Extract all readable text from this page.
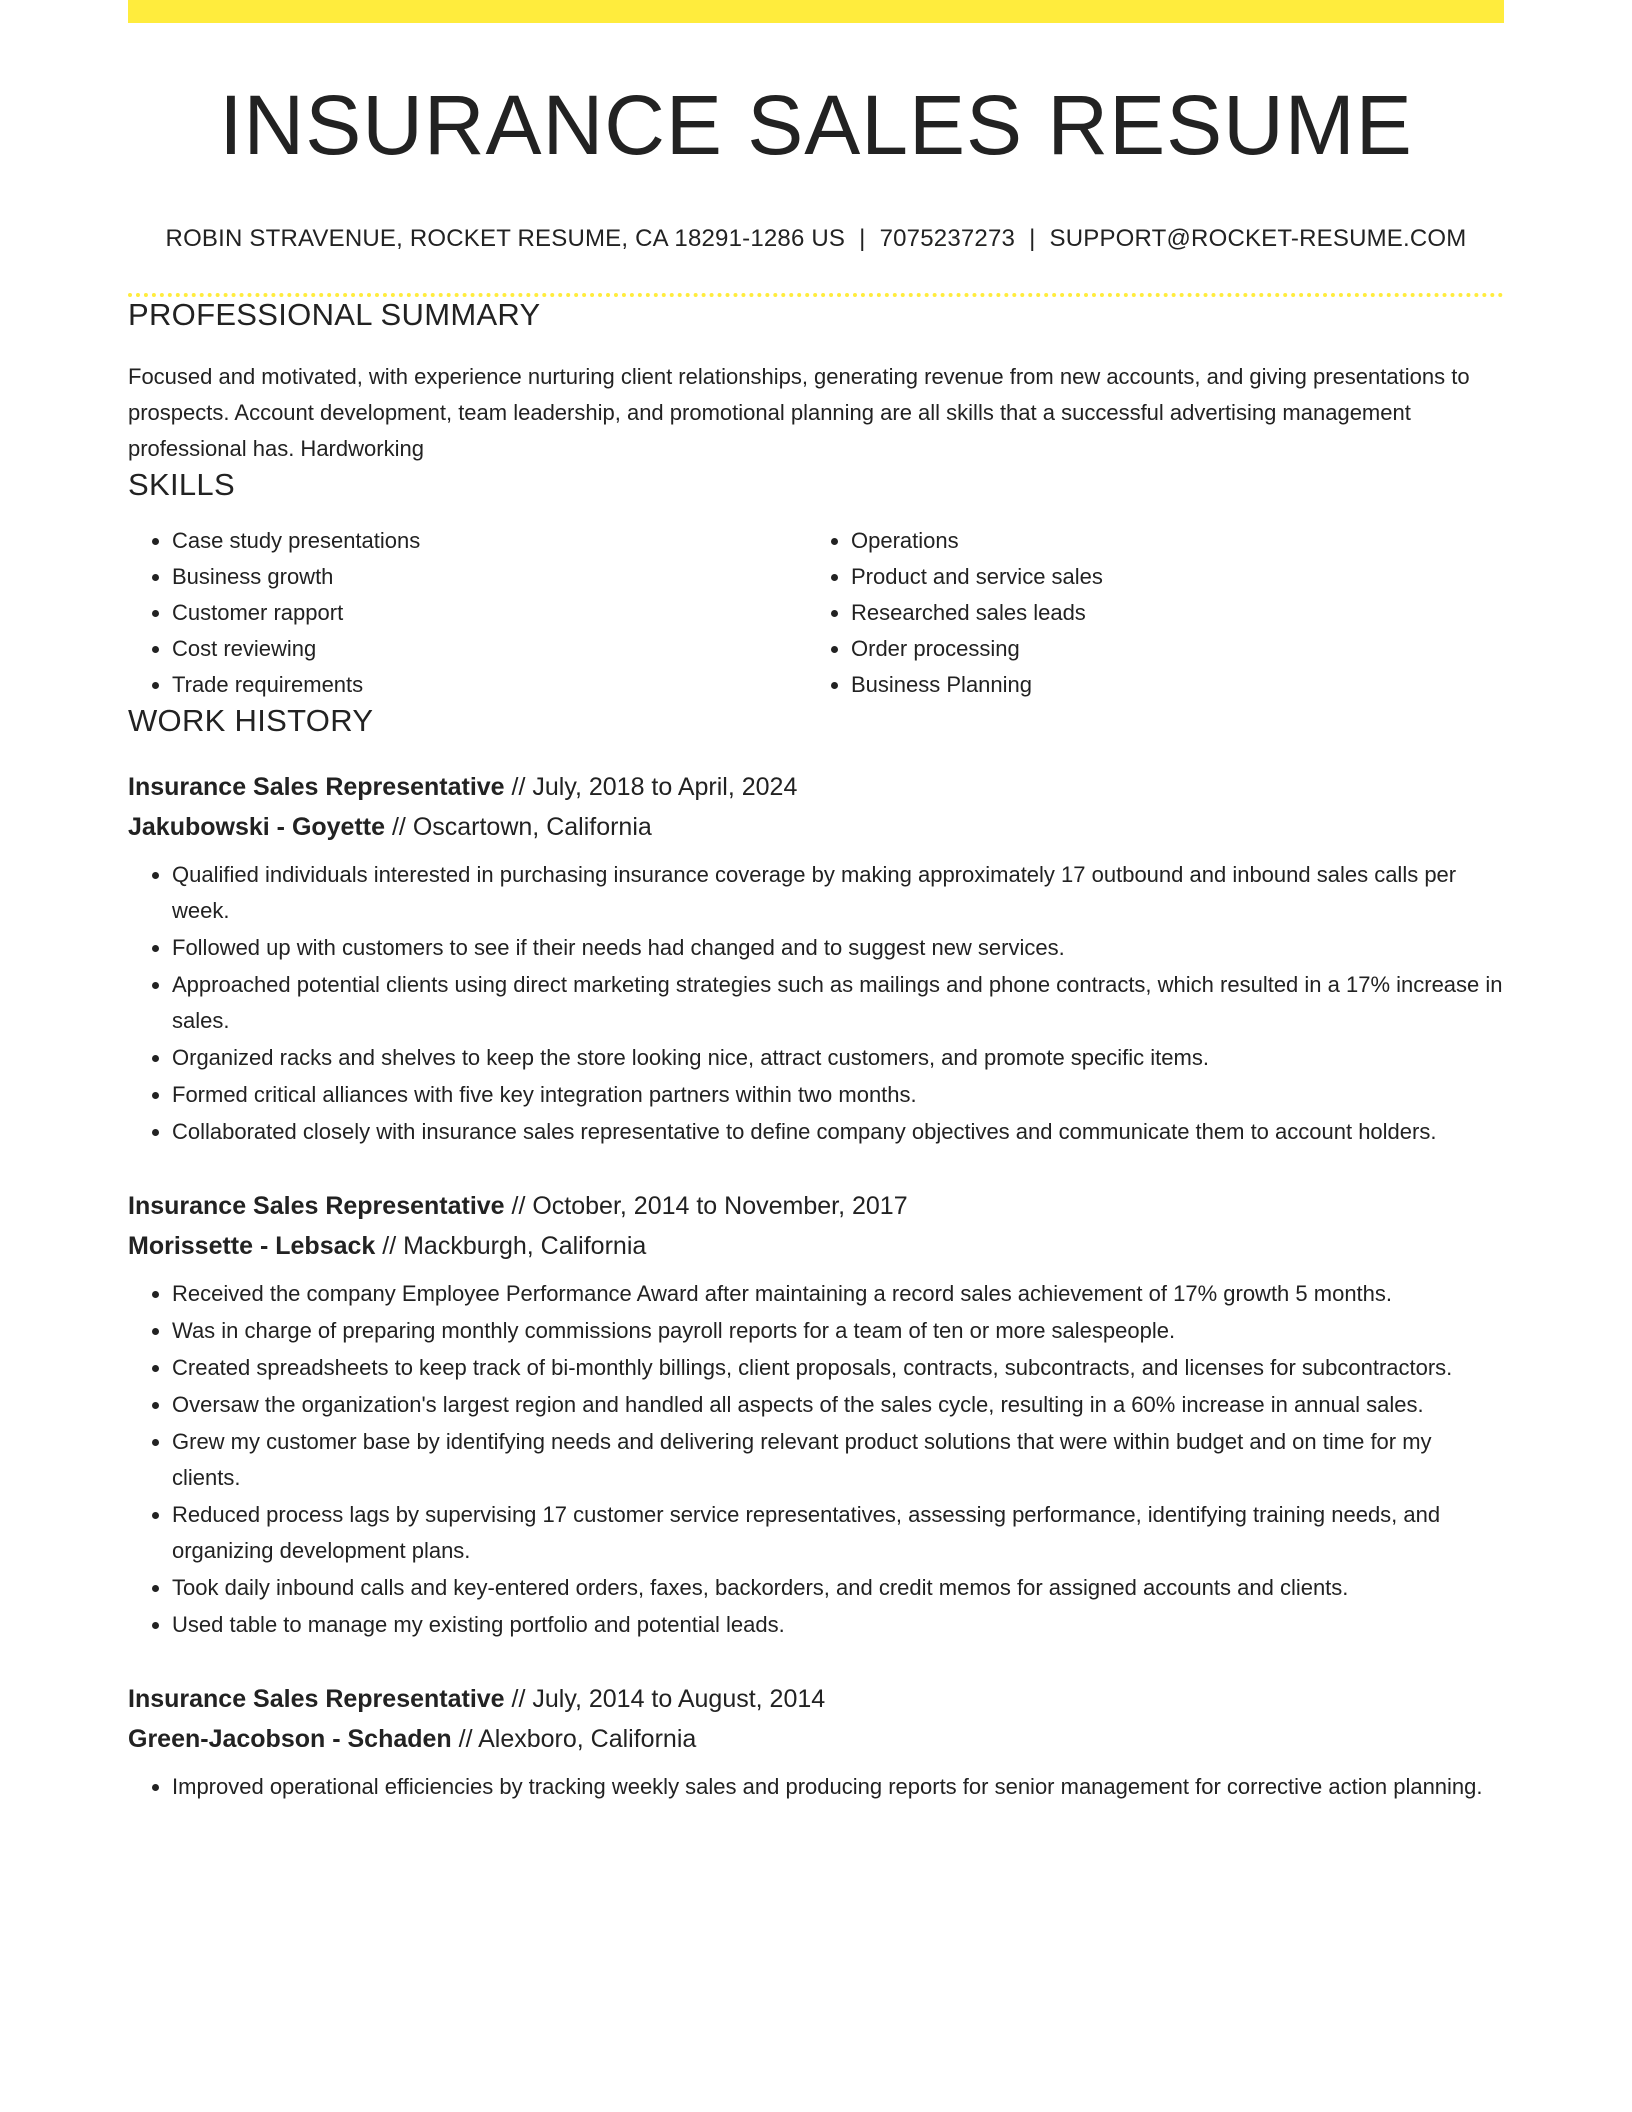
INSURANCE SALES RESUME
ROBIN STRAVENUE, ROCKET RESUME, CA 18291-1286 US | 7075237273 | SUPPORT@ROCKET-RESUME.COM
PROFESSIONAL SUMMARY

Focused and motivated, with experience nurturing client relationships, generating revenue from new accounts, and giving presentations to prospects. Account development, team leadership, and promotional planning are all skills that a successful advertising management professional has. Hardworking

SKILLS
• Case study presentations
• Business growth
• Customer rapport
• Cost reviewing
• Trade requirements
• Operations
• Product and service sales
• Researched sales leads
• Order processing
• Business Planning
WORK HISTORY
Insurance Sales Representative // July, 2018 to April, 2024
Jakubowski - Goyette // Oscartown, California
• Qualified individuals interested in purchasing insurance coverage by making approximately 17 outbound and inbound sales calls per week.
• Followed up with customers to see if their needs had changed and to suggest new services.
• Approached potential clients using direct marketing strategies such as mailings and phone contracts, which resulted in a 17% increase in sales.
• Organized racks and shelves to keep the store looking nice, attract customers, and promote specific items.
• Formed critical alliances with five key integration partners within two months.
• Collaborated closely with insurance sales representative to define company objectives and communicate them to account holders.
Insurance Sales Representative // October, 2014 to November, 2017
Morissette - Lebsack // Mackburgh, California
• Received the company Employee Performance Award after maintaining a record sales achievement of 17% growth 5 months.
• Was in charge of preparing monthly commissions payroll reports for a team of ten or more salespeople.
• Created spreadsheets to keep track of bi-monthly billings, client proposals, contracts, subcontracts, and licenses for subcontractors.
• Oversaw the organization's largest region and handled all aspects of the sales cycle, resulting in a 60% increase in annual sales.
• Grew my customer base by identifying needs and delivering relevant product solutions that were within budget and on time for my clients.
• Reduced process lags by supervising 17 customer service representatives, assessing performance, identifying training needs, and organizing development plans.
• Took daily inbound calls and key-entered orders, faxes, backorders, and credit memos for assigned accounts and clients.
• Used table to manage my existing portfolio and potential leads.
Insurance Sales Representative // July, 2014 to August, 2014
Green-Jacobson - Schaden // Alexboro, California
• Improved operational efficiencies by tracking weekly sales and producing reports for senior management for corrective action planning.
